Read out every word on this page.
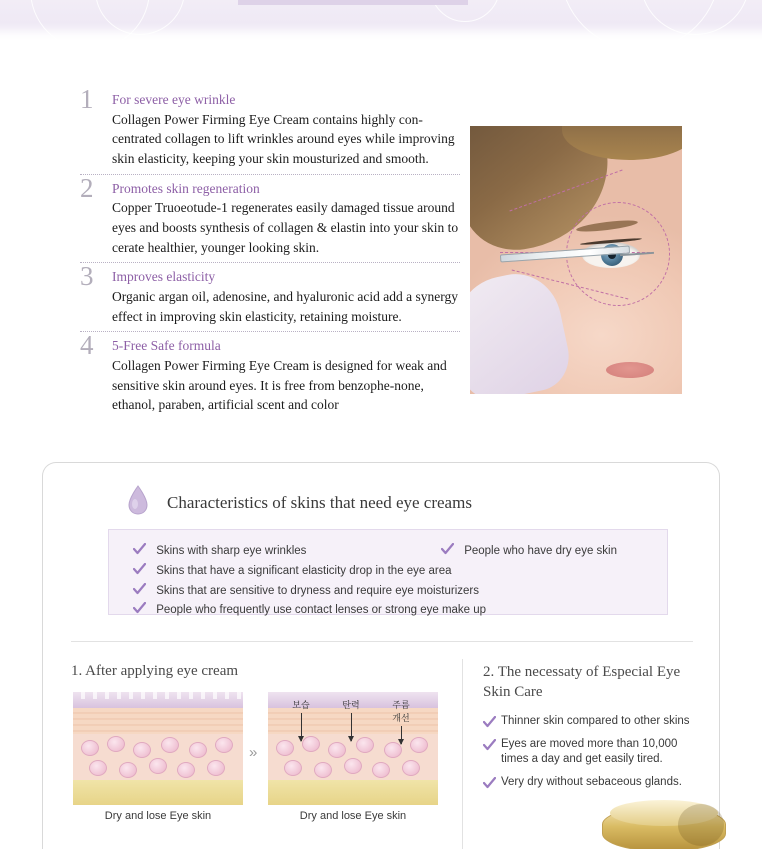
1 For severe eye wrinkle
Collagen Power Firming Eye Cream contains highly con-centrated collagen to lift wrinkles around eyes while improving skin elasticity, keeping your skin mousturized and smooth.
2 Promotes skin regeneration
Copper Truoeotude-1 regenerates easily damaged tissue around eyes and boosts synthesis of collagen & elastin into your skin to cerate healthier, younger looking skin.
3 Improves elasticity
Organic argan oil, adenosine, and hyaluronic acid add a synergy effect in improving skin elasticity, retaining moisture.
4 5-Free Safe formula
Collagen Power Firming Eye Cream is designed for weak and sensitive skin around eyes. It is free from benzophe-none, ethanol, paraben, artificial scent and color
Characteristics of skins that need eye creams
Skins with sharp eye wrinkles
Skins that have a significant elasticity drop in the eye area
Skins that are sensitive to dryness and require eye moisturizers
People who frequently use contact lenses or strong eye make up
People who have dry eye skin
1. After applying eye cream
»
보습	탄력	주름
개선
Dry and lose Eye skin	Dry and lose Eye skin
2. The necessaty of Especial Eye Skin Care
Thinner skin compared to other skins
Eyes are moved more than 10,000 times a day and get easily tired.
Very dry without sebaceous glands.
